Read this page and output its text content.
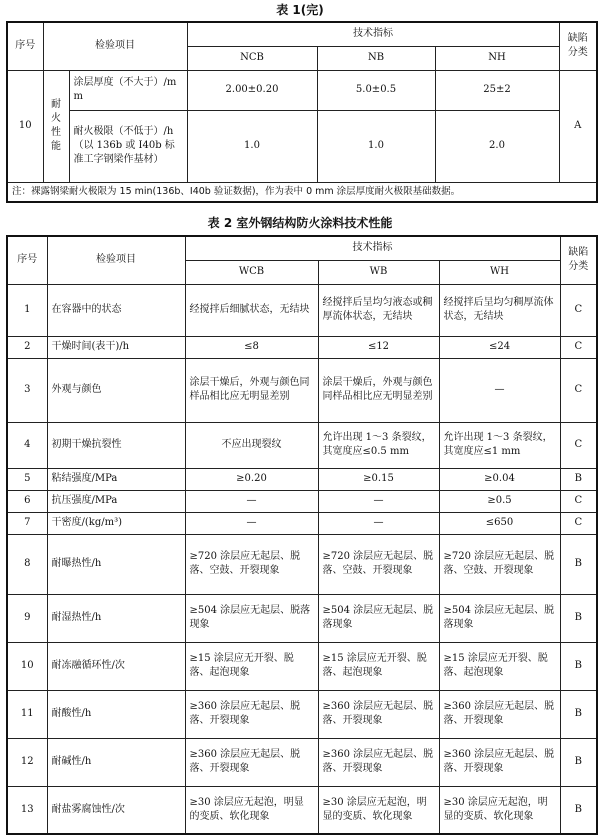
表 1(完)
序号	检验项目		技术指标			缺陷分类
			NCB	NB	NH	
10	耐火性能	涂层厚度（不大于）/mm	2.00±0.20	5.0±0.5	25±2	A
		耐火极限（不低于）/h（以 136b 或 I40b 标准工字钢梁作基材）	1.0	1.0	2.0	
注：裸露钢梁耐火极限为 15 min(136b、I40b 验证数据)，作为表中 0 mm 涂层厚度耐火极限基础数据。						
表 2 室外钢结构防火涂料技术性能
序号	检验项目	技术指标			缺陷分类
		WCB	WB	WH	
1	在容器中的状态	经搅拌后细腻状态，无结块	经搅拌后呈均匀液态或稠厚流体状态，无结块	经搅拌后呈均匀稠厚流体状态，无结块	C
2	干燥时间(表干)/h	≤8	≤12	≤24	C
3	外观与颜色	涂层干燥后，外观与颜色同样品相比应无明显差别	涂层干燥后，外观与颜色同样品相比应无明显差别	—	C
4	初期干燥抗裂性	不应出现裂纹	允许出现 1～3 条裂纹，其宽度应≤0.5 mm	允许出现 1～3 条裂纹，其宽度应≤1 mm	C
5	粘结强度/MPa	≥0.20	≥0.15	≥0.04	B
6	抗压强度/MPa	—	—	≥0.5	C
7	干密度/(kg/m³)	—	—	≤650	C
8	耐曝热性/h	≥720 涂层应无起层、脱落、空鼓、开裂现象	≥720 涂层应无起层、脱落、空鼓、开裂现象	≥720 涂层应无起层、脱落、空鼓、开裂现象	B
9	耐湿热性/h	≥504 涂层应无起层、脱落现象	≥504 涂层应无起层、脱落现象	≥504 涂层应无起层、脱落现象	B
10	耐冻融循环性/次	≥15 涂层应无开裂、脱落、起泡现象	≥15 涂层应无开裂、脱落、起泡现象	≥15 涂层应无开裂、脱落、起泡现象	B
11	耐酸性/h	≥360 涂层应无起层、脱落、开裂现象	≥360 涂层应无起层、脱落、开裂现象	≥360 涂层应无起层、脱落、开裂现象	B
12	耐碱性/h	≥360 涂层应无起层、脱落、开裂现象	≥360 涂层应无起层、脱落、开裂现象	≥360 涂层应无起层、脱落、开裂现象	B
13	耐盐雾腐蚀性/次	≥30 涂层应无起泡，明显的变质、软化现象	≥30 涂层应无起泡，明显的变质、软化现象	≥30 涂层应无起泡，明显的变质、软化现象	B
